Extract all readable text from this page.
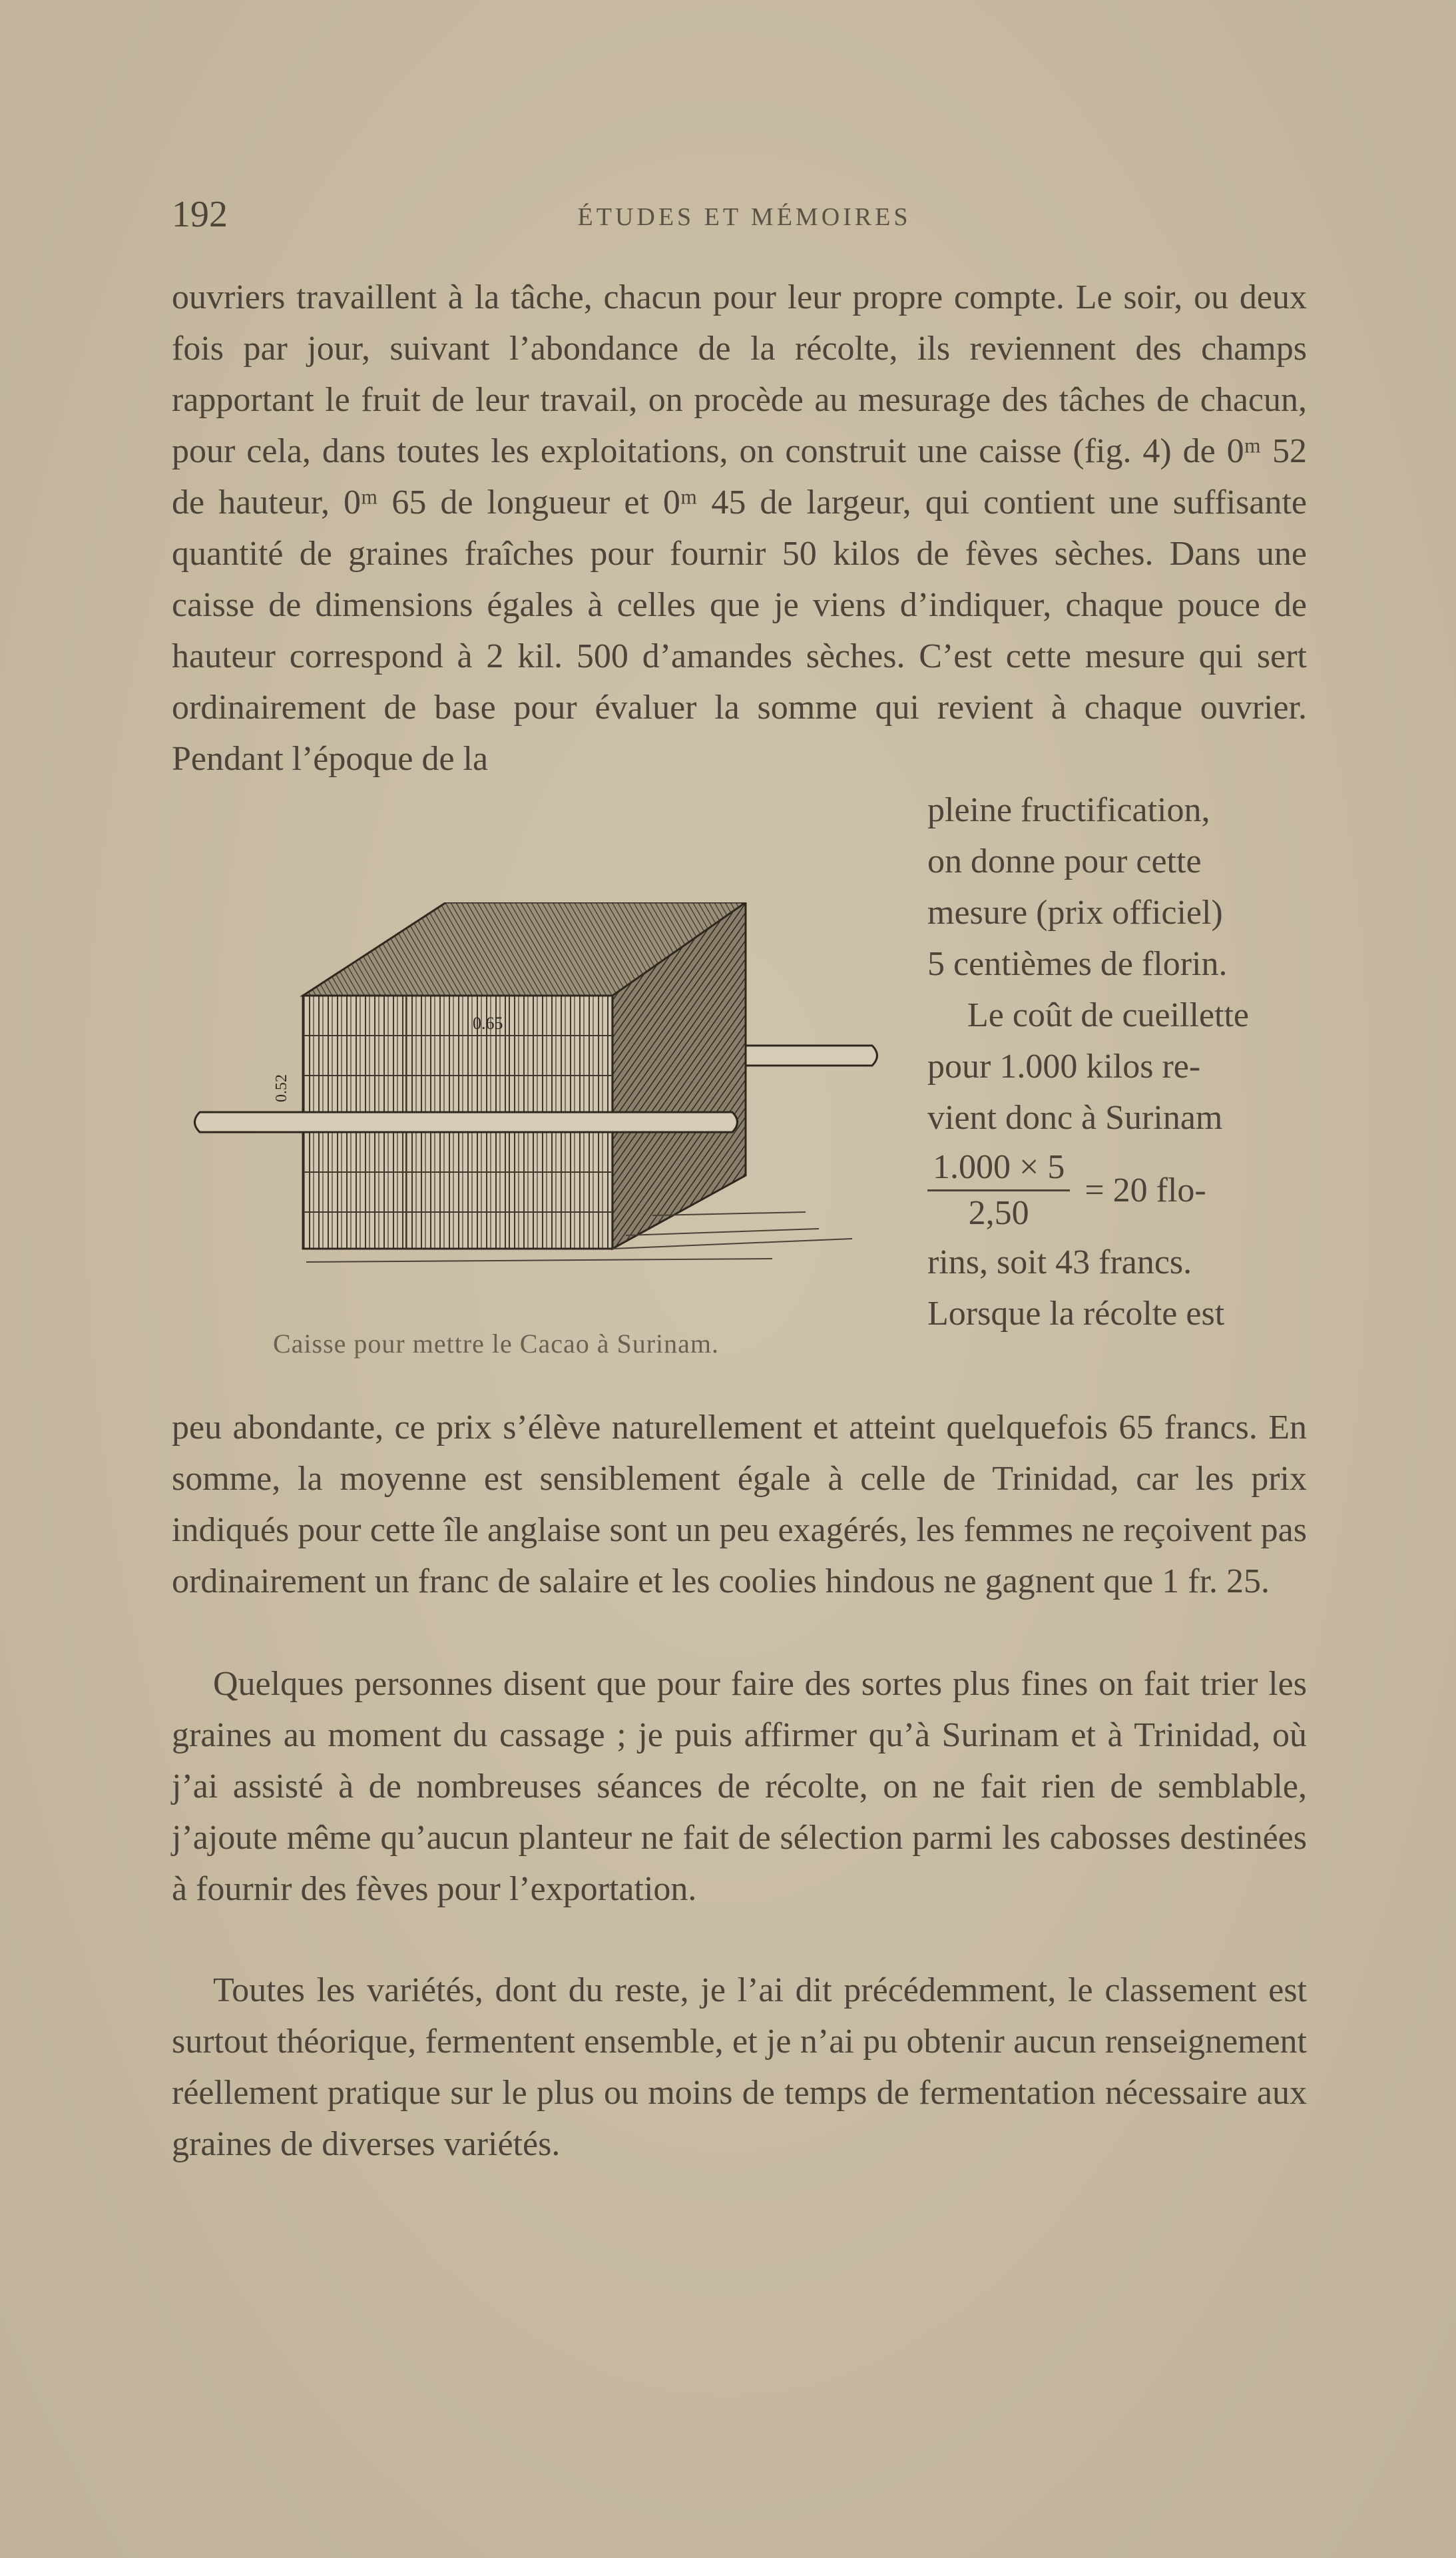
192	ÉTUDES ET MÉMOIRES

ouvriers travaillent à la tâche, chacun pour leur propre compte. Le soir, ou deux fois par jour, suivant l’abondance de la récolte, ils reviennent des champs rapportant le fruit de leur travail, on procède au mesurage des tâches de chacun, pour cela, dans toutes les exploitations, on construit une caisse (fig. 4) de 0ᵐ 52 de hauteur, 0ᵐ 65 de longueur et 0ᵐ 45 de largeur, qui contient une suffisante quantité de graines fraîches pour fournir 50 kilos de fèves sèches. Dans une caisse de dimensions égales à celles que je viens d’indiquer, chaque pouce de hauteur correspond à 2 kil. 500 d’amandes sèches. C’est cette mesure qui sert ordinairement de base pour évaluer la somme qui revient à chaque ouvrier. Pendant l’époque de la

0.65
0.52
Caisse pour mettre le Cacao à Surinam.
pleine fructification,
on donne pour cette
mesure (prix officiel)
5 centièmes de florin.
Le coût de cueillette
pour 1.000 kilos re-
vient donc à Surinam
$\frac{1.000 \times 5}{2,50} = 20$ flo-
rins, soit 43 francs.
Lorsque la récolte est

peu abondante, ce prix s’élève naturellement et atteint quelquefois 65 francs. En somme, la moyenne est sensiblement égale à celle de Trinidad, car les prix indiqués pour cette île anglaise sont un peu exagérés, les femmes ne reçoivent pas ordinairement un franc de salaire et les coolies hindous ne gagnent que 1 fr. 25.

Quelques personnes disent que pour faire des sortes plus fines on fait trier les graines au moment du cassage ; je puis affirmer qu’à Surinam et à Trinidad, où j’ai assisté à de nombreuses séances de récolte, on ne fait rien de semblable, j’ajoute même qu’aucun planteur ne fait de sélection parmi les cabosses destinées à fournir des fèves pour l’exportation.

Toutes les variétés, dont du reste, je l’ai dit précédemment, le classement est surtout théorique, fermentent ensemble, et je n’ai pu obtenir aucun renseignement réellement pratique sur le plus ou moins de temps de fermentation nécessaire aux graines de diverses variétés.
